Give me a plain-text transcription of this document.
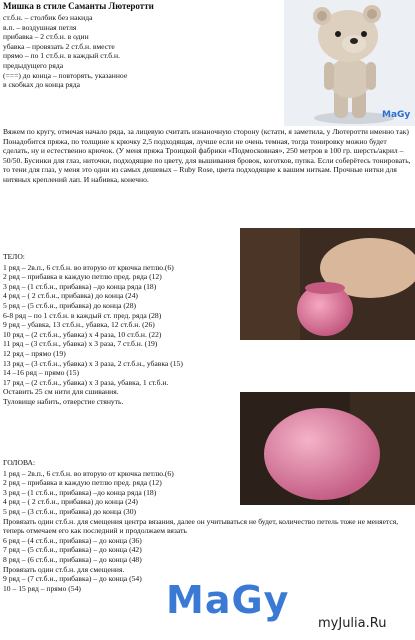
Мишка в стиле Саманты Лютеротти
ст.б.н. – столбик без накида
в.п. – воздушная петля
прибавка – 2 ст.б.н. в один
убавка – провязать 2 ст.б.н. вместе
прямо – по 1 ст.б.н. в каждый ст.б.н.
предыдущего ряда
(===) до конца – повторять, указанное
в скобках до конца ряда
MaGy
Вяжем по кругу, отмечая начало ряда, за лицевую считать изнаночную сторону (кстати, я заметила, у Лютеротти именно так)
Понадобится пряжа, по толщине к крючку 2,5 подходящая, лучше если не очень темная, тогда тонировку можно будет сделать, ну и естественно крючок. (У меня пряжа Троицкой фабрики «Подмосковная», 250 метров в 100 гр. шерсть/акрил – 50/50. Бусинки для глаз, ниточки, подходящие по цвету, для вышивания бровок, коготков, пупка. Если соберётесь тонировать, то тени для глаз, у меня это одни из самых дешевых – Ruby Rose, цвета подходящие к вашим ниткам. Прочные нитки для нитяных креплений лап. И набивка, конечно.
ТЕЛО:
1 ряд – 2в.п., 6 ст.б.н. во вторую от крючка петлю.(6)
2 ряд – прибавка в каждую петлю пред. ряда (12)
3 ряд – (1 ст.б.н., прибавка) –до конца ряда (18)
4 ряд – ( 2 ст.б.н., прибавка) до конца (24)
5 ряд – (5 ст.б.н., прибавка) до конца (28)
6-8 ряд – по 1 ст.б.н. в каждый ст. пред. ряда (28)
9 ряд – убавка, 13 ст.б.н., убавка, 12 ст.б.н. (26)
10 ряд – (2 ст.б.н., убавка) х 4 раза, 10 ст.б.н. (22)
11 ряд – (3 ст.б.н., убавка) х 3 раза, 7 ст.б.н. (19)
12 ряд – прямо (19)
13 ряд – (3 ст.б.н., убавка) х 3 раза, 2 ст.б.н., убавка (15)
14 –16 ряд – прямо (15)
17 ряд – (2 ст.б.н., убавка) х 3 раза, убавка, 1 ст.б.н.
Оставить 25 см нити для сшивания.
Туловище набить, отверстие стянуть.
ГОЛОВА:
1 ряд – 2в.п., 6 ст.б.н. во вторую от крючка петлю.(6)
2 ряд – прибавка в каждую петлю пред. ряда (12)
3 ряд – (1 ст.б.н., прибавка) –до конца ряда (18)
4 ряд – ( 2 ст.б.н., прибавка) до конца (24)
5 ряд – (3 ст.б.н., прибавка) до конца (30)
Провязать один ст.б.н. для смещения центра вязания, далее он учитываться не будет, количество петель тоже не меняется, теперь отмечаем его как последний и продолжаем вязать
6 ряд – (4 ст.б.н., прибавка) – до конца (36)
7 ряд – (5 ст.б.н., прибавка) – до конца (42)
8 ряд – (6 ст.б.н., прибавка) – до конца (48)
Провязать один ст.б.н. для смещения.
9 ряд – (7 ст.б.н., прибавка) – до конца (54)
10 – 15 ряд – прямо (54)	MaGy
myJulia.Ru
